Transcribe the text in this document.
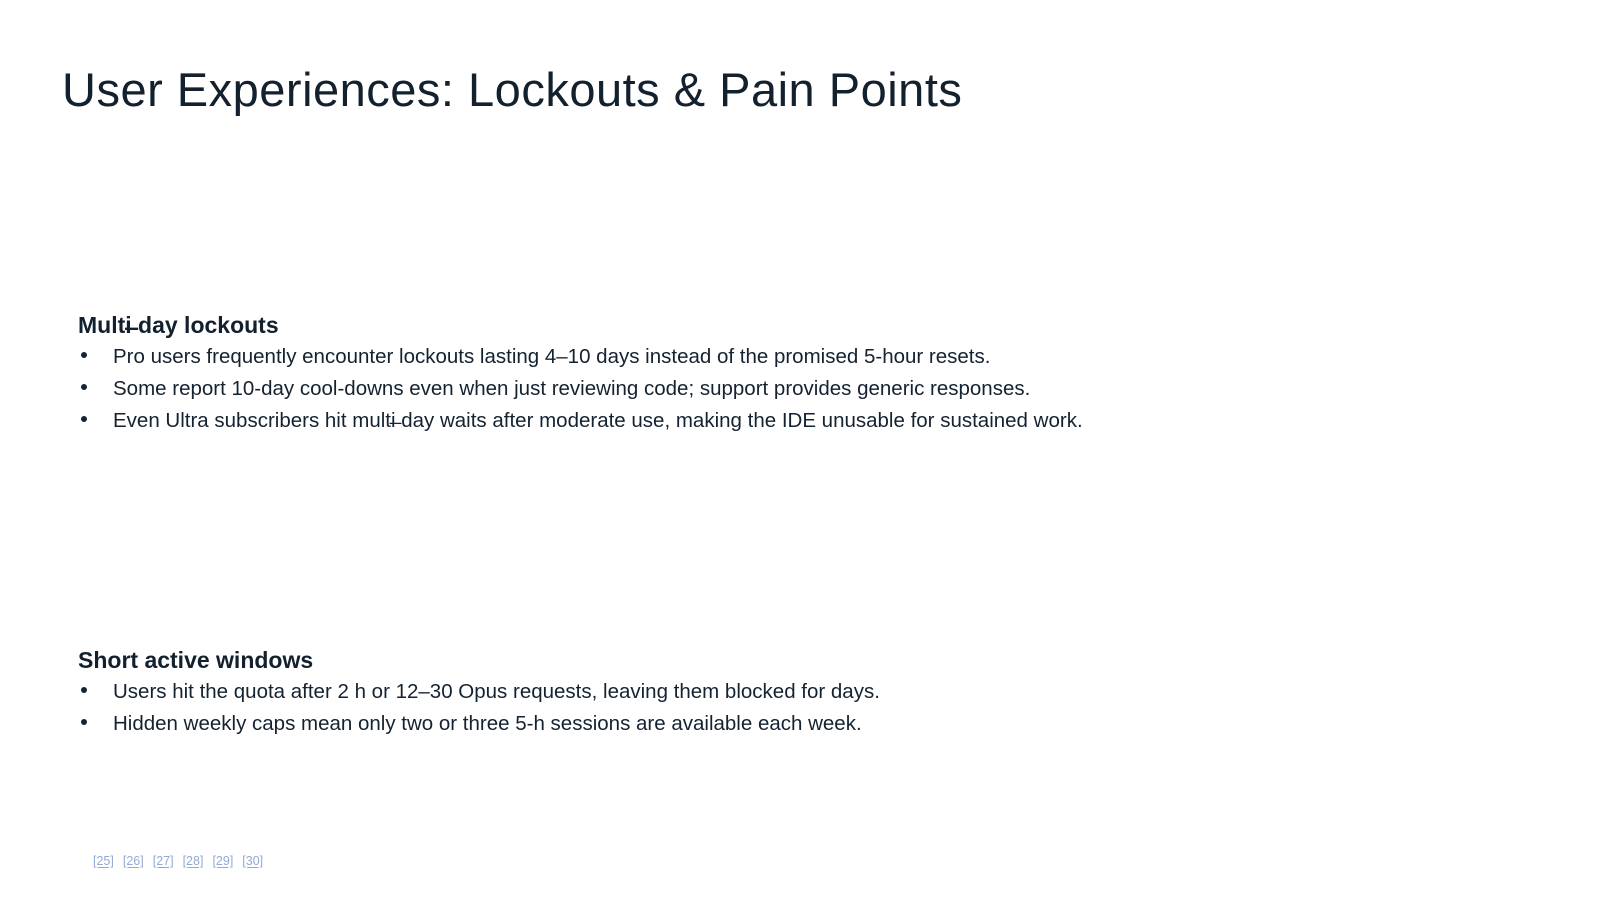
User Experiences: Lockouts & Pain Points
Multi̶ day lockouts
Pro users frequently encounter lockouts lasting 4–10 days instead of the promised 5-hour resets.
Some report 10-day cool-downs even when just reviewing code; support provides generic responses.
Even Ultra subscribers hit multi̶ day waits after moderate use, making the IDE unusable for sustained work.
Short active windows
Users hit the quota after 2 h or 12–30 Opus requests, leaving them blocked for days.
Hidden weekly caps mean only two or three 5-h sessions are available each week.
[25] [26] [27] [28] [29] [30]
